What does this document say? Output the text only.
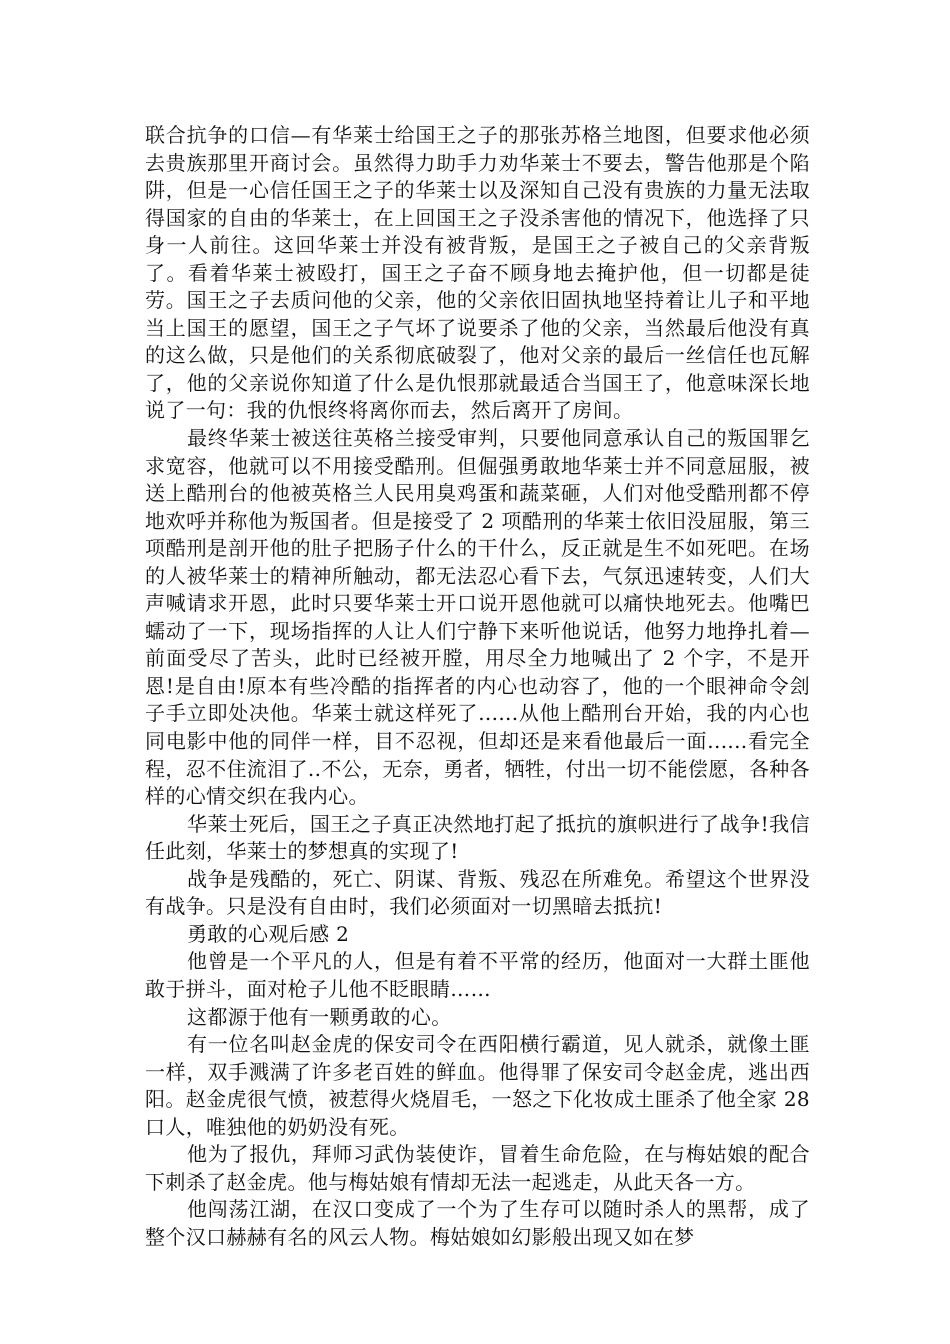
联合抗争的口信—有华莱士给国王之子的那张苏格兰地图，但要求他必须去贵族那里开商讨会。虽然得力助手力劝华莱士不要去，警告他那是个陷阱，但是一心信任国王之子的华莱士以及深知自己没有贵族的力量无法取得国家的自由的华莱士，在上回国王之子没杀害他的情况下，他选择了只身一人前往。这回华莱士并没有被背叛，是国王之子被自己的父亲背叛了。看着华莱士被殴打，国王之子奋不顾身地去掩护他，但一切都是徒劳。国王之子去质问他的父亲，他的父亲依旧固执地坚持着让儿子和平地当上国王的愿望，国王之子气坏了说要杀了他的父亲，当然最后他没有真的这么做，只是他们的关系彻底破裂了，他对父亲的最后一丝信任也瓦解了，他的父亲说你知道了什么是仇恨那就最适合当国王了，他意味深长地说了一句：我的仇恨终将离你而去，然后离开了房间。

最终华莱士被送往英格兰接受审判，只要他同意承认自己的叛国罪乞求宽容，他就可以不用接受酷刑。但倔强勇敢地华莱士并不同意屈服，被送上酷刑台的他被英格兰人民用臭鸡蛋和蔬菜砸，人们对他受酷刑都不停地欢呼并称他为叛国者。但是接受了 2 项酷刑的华莱士依旧没屈服，第三项酷刑是剖开他的肚子把肠子什么的干什么，反正就是生不如死吧。在场的人被华莱士的精神所触动，都无法忍心看下去，气氛迅速转变，人们大声喊请求开恩，此时只要华莱士开口说开恩他就可以痛快地死去。他嘴巴蠕动了一下，现场指挥的人让人们宁静下来听他说话，他努力地挣扎着—前面受尽了苦头，此时已经被开膛，用尽全力地喊出了 2 个字，不是开恩!是自由!原本有些冷酷的指挥者的内心也动容了，他的一个眼神命令刽子手立即处决他。华莱士就这样死了......从他上酷刑台开始，我的内心也同电影中他的同伴一样，目不忍视，但却还是来看他最后一面......看完全程，忍不住流泪了..不公，无奈，勇者，牺牲，付出一切不能偿愿，各种各样的心情交织在我内心。

华莱士死后，国王之子真正决然地打起了抵抗的旗帜进行了战争!我信任此刻，华莱士的梦想真的实现了!

战争是残酷的，死亡、阴谋、背叛、残忍在所难免。希望这个世界没有战争。只是没有自由时，我们必须面对一切黑暗去抵抗!

勇敢的心观后感 2

他曾是一个平凡的人，但是有着不平常的经历，他面对一大群土匪他敢于拼斗，面对枪子儿他不眨眼睛……

这都源于他有一颗勇敢的心。

有一位名叫赵金虎的保安司令在西阳横行霸道，见人就杀，就像土匪一样，双手溅满了许多老百姓的鲜血。他得罪了保安司令赵金虎，逃出西阳。赵金虎很气愤，被惹得火烧眉毛，一怒之下化妆成土匪杀了他全家 28 口人，唯独他的奶奶没有死。

他为了报仇，拜师习武伪装使诈，冒着生命危险，在与梅姑娘的配合下刺杀了赵金虎。他与梅姑娘有情却无法一起逃走，从此天各一方。

他闯荡江湖，在汉口变成了一个为了生存可以随时杀人的黑帮，成了整个汉口赫赫有名的风云人物。梅姑娘如幻影般出现又如在梦
